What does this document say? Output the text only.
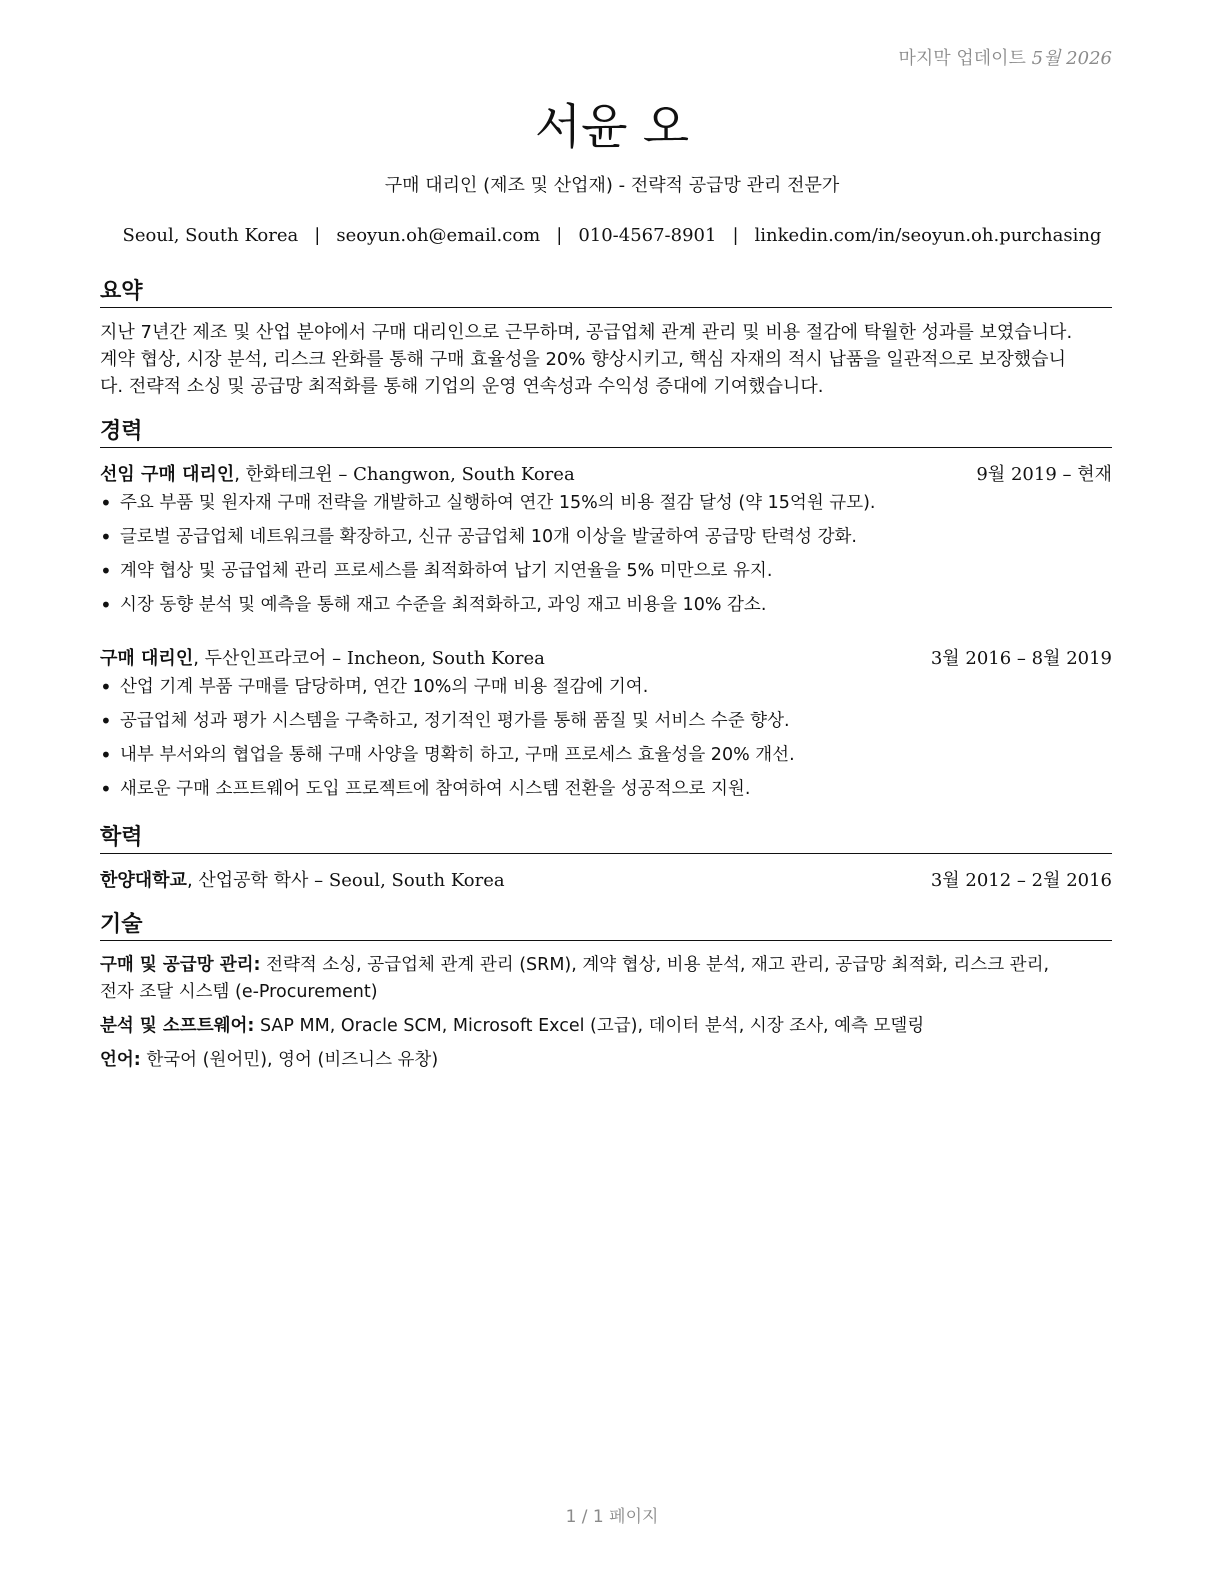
마지막 업데이트 5월 2026
서윤 오
구매 대리인 (제조 및 산업재) - 전략적 공급망 관리 전문가
Seoul, South Korea | seoyun.oh@email.com | 010-4567-8901 | linkedin.com/in/seoyun.oh.purchasing
요약
지난 7년간 제조 및 산업 분야에서 구매 대리인으로 근무하며, 공급업체 관계 관리 및 비용 절감에 탁월한 성과를 보였습니다.
계약 협상, 시장 분석, 리스크 완화를 통해 구매 효율성을 20% 향상시키고, 핵심 자재의 적시 납품을 일관적으로 보장했습니
다. 전략적 소싱 및 공급망 최적화를 통해 기업의 운영 연속성과 수익성 증대에 기여했습니다.
경력
선임 구매 대리인, 한화테크윈 – Changwon, South Korea	9월 2019 – 현재
• 주요 부품 및 원자재 구매 전략을 개발하고 실행하여 연간 15%의 비용 절감 달성 (약 15억원 규모).
• 글로벌 공급업체 네트워크를 확장하고, 신규 공급업체 10개 이상을 발굴하여 공급망 탄력성 강화.
• 계약 협상 및 공급업체 관리 프로세스를 최적화하여 납기 지연율을 5% 미만으로 유지.
• 시장 동향 분석 및 예측을 통해 재고 수준을 최적화하고, 과잉 재고 비용을 10% 감소.
구매 대리인, 두산인프라코어 – Incheon, South Korea	3월 2016 – 8월 2019
• 산업 기계 부품 구매를 담당하며, 연간 10%의 구매 비용 절감에 기여.
• 공급업체 성과 평가 시스템을 구축하고, 정기적인 평가를 통해 품질 및 서비스 수준 향상.
• 내부 부서와의 협업을 통해 구매 사양을 명확히 하고, 구매 프로세스 효율성을 20% 개선.
• 새로운 구매 소프트웨어 도입 프로젝트에 참여하여 시스템 전환을 성공적으로 지원.
학력
한양대학교, 산업공학 학사 – Seoul, South Korea	3월 2012 – 2월 2016
기술
구매 및 공급망 관리: 전략적 소싱, 공급업체 관계 관리 (SRM), 계약 협상, 비용 분석, 재고 관리, 공급망 최적화, 리스크 관리,
전자 조달 시스템 (e-Procurement)
분석 및 소프트웨어: SAP MM, Oracle SCM, Microsoft Excel (고급), 데이터 분석, 시장 조사, 예측 모델링
언어: 한국어 (원어민), 영어 (비즈니스 유창)
1 / 1 페이지
